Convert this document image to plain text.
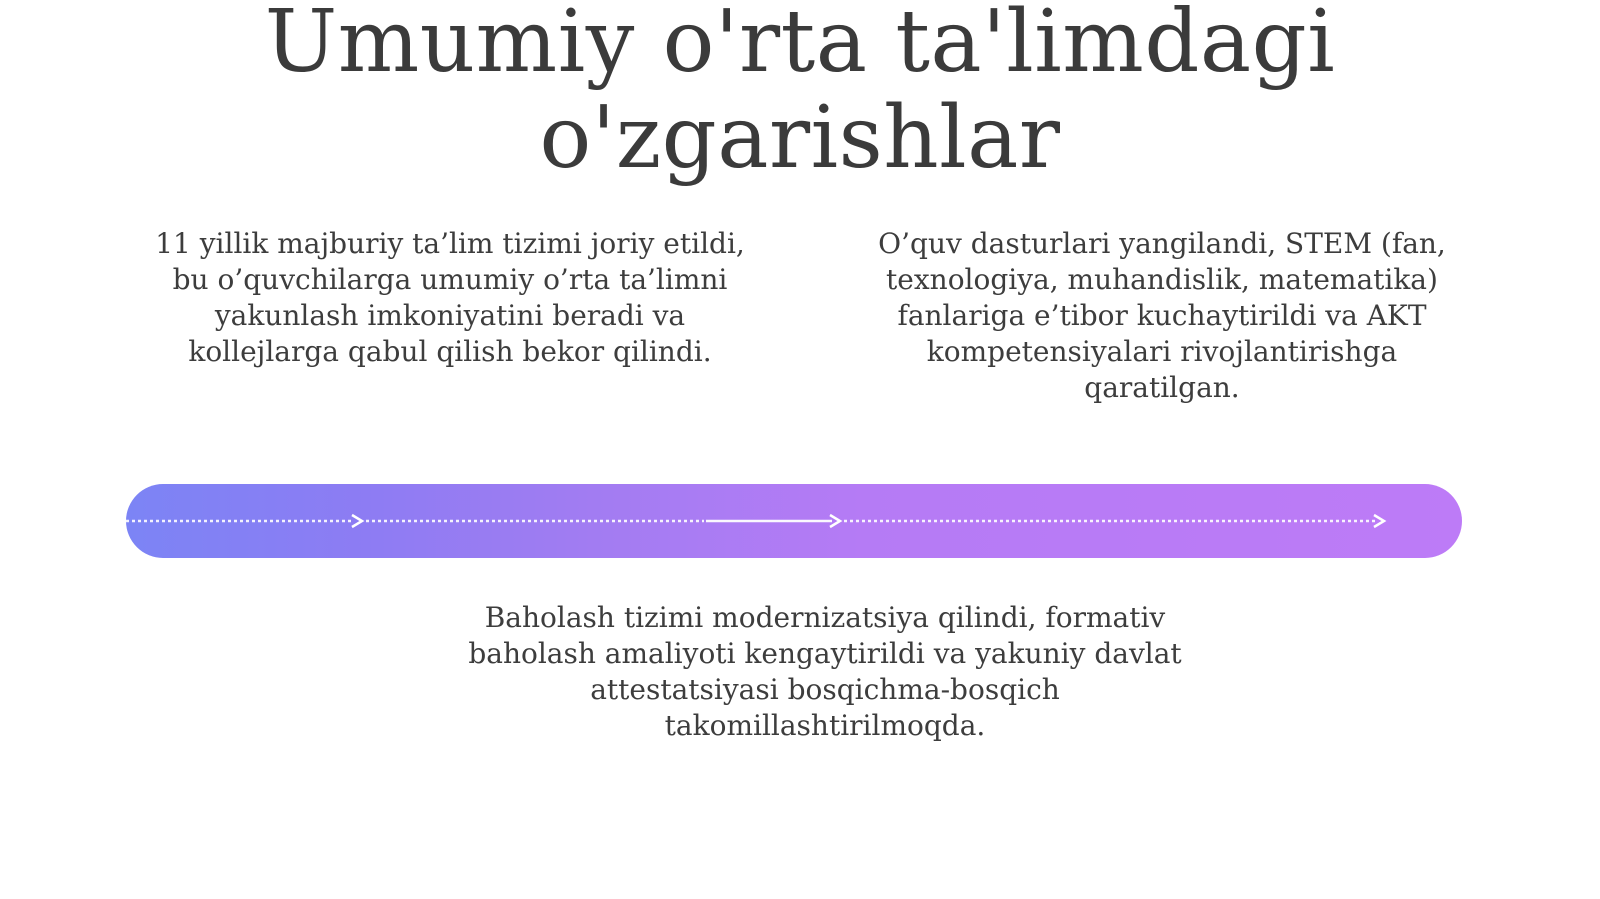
Umumiy o'rta ta'limdagi
o'zgarishlar

11 yillik majburiy ta’lim tizimi joriy etildi, bu o’quvchilarga umumiy o’rta ta’limni yakunlash imkoniyatini beradi va kollejlarga qabul qilish bekor qilindi.

O’quv dasturlari yangilandi, STEM (fan, texnologiya, muhandislik, matematika) fanlariga e’tibor kuchaytirildi va AKT kompetensiyalari rivojlantirishga qaratilgan.

Baholash tizimi modernizatsiya qilindi, formativ baholash amaliyoti kengaytirildi va yakuniy davlat attestatsiyasi bosqichma-bosqich takomillashtirilmoqda.
